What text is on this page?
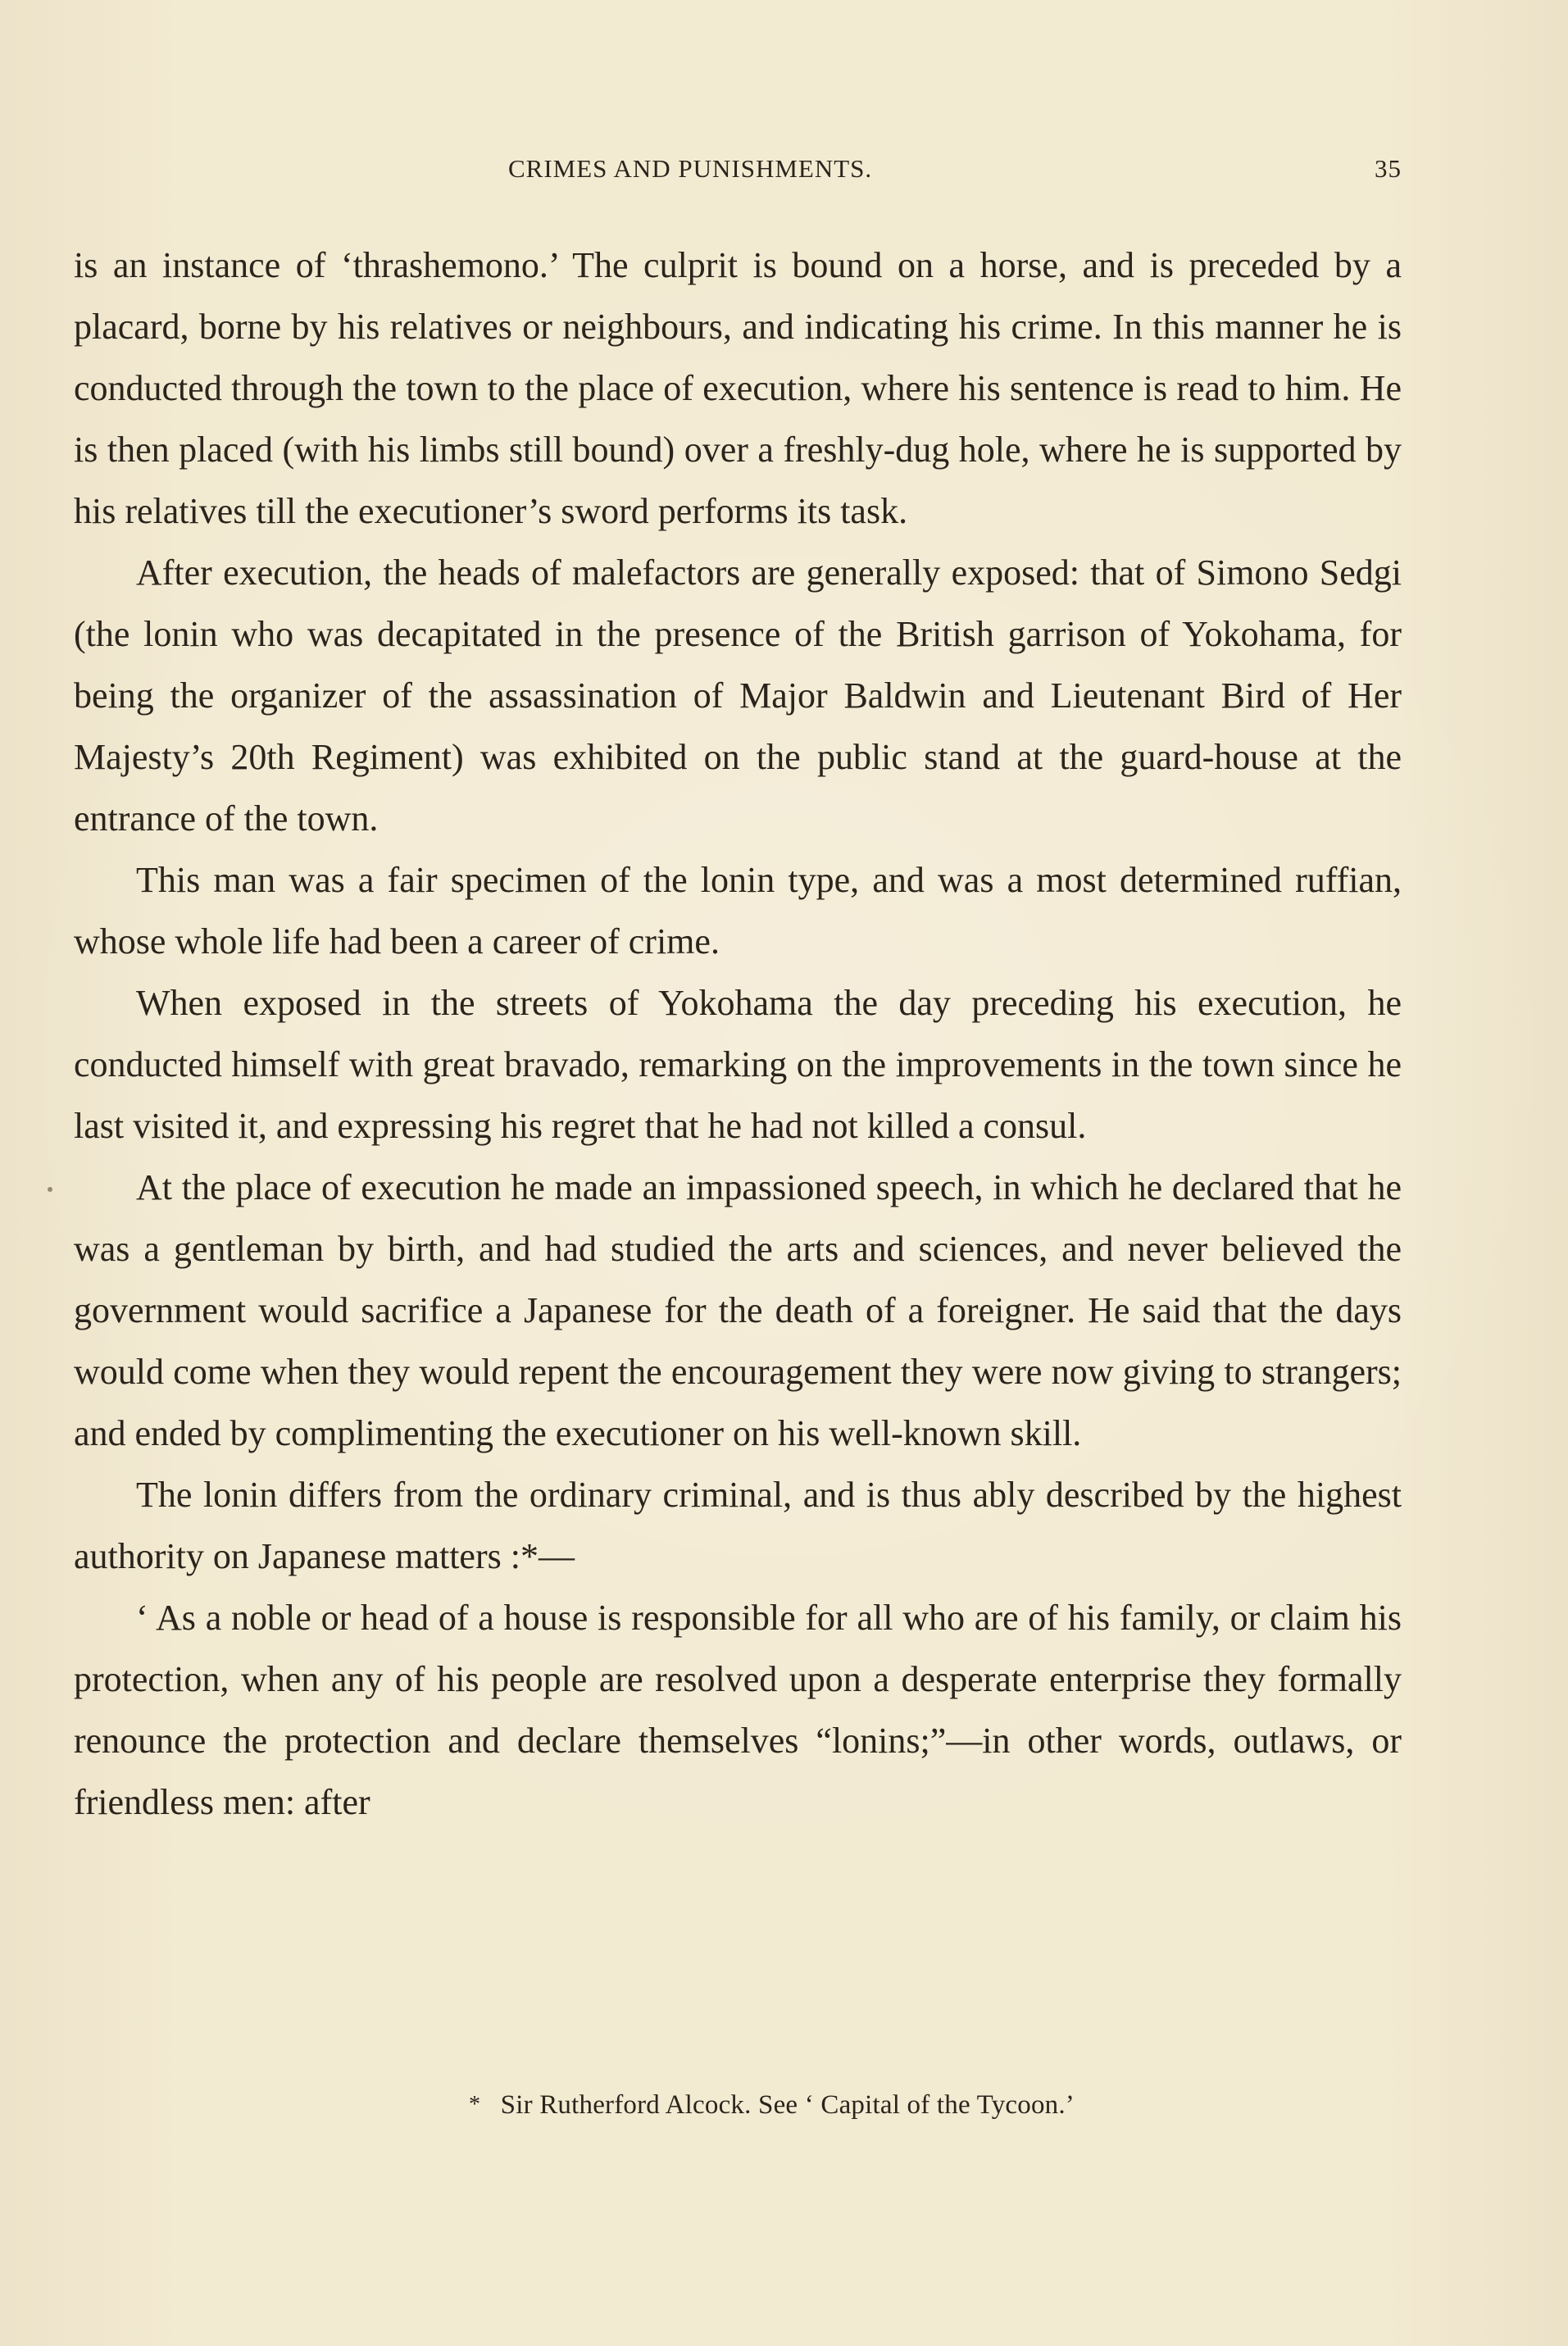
CRIMES AND PUNISHMENTS.	35

is an instance of ‘thrashemono.’ The culprit is bound on a horse, and is preceded by a placard, borne by his relatives or neighbours, and indicating his crime. In this manner he is conducted through the town to the place of execution, where his sentence is read to him. He is then placed (with his limbs still bound) over a freshly-dug hole, where he is supported by his relatives till the executioner’s sword performs its task.

After execution, the heads of malefactors are generally exposed: that of Simono Sedgi (the lonin who was decapitated in the presence of the British garrison of Yokohama, for being the organizer of the assassination of Major Baldwin and Lieutenant Bird of Her Majesty’s 20th Regiment) was exhibited on the public stand at the guard-house at the entrance of the town.

This man was a fair specimen of the lonin type, and was a most determined ruffian, whose whole life had been a career of crime.

When exposed in the streets of Yokohama the day preceding his execution, he conducted himself with great bravado, remarking on the improvements in the town since he last visited it, and expressing his regret that he had not killed a consul.

At the place of execution he made an impassioned speech, in which he declared that he was a gentleman by birth, and had studied the arts and sciences, and never believed the government would sacrifice a Japanese for the death of a foreigner. He said that the days would come when they would repent the encouragement they were now giving to strangers; and ended by complimenting the executioner on his well-known skill.

The lonin differs from the ordinary criminal, and is thus ably described by the highest authority on Japanese matters :*—

‘ As a noble or head of a house is responsible for all who are of his family, or claim his protection, when any of his people are resolved upon a desperate enterprise they formally renounce the protection and declare themselves “lonins;”—in other words, outlaws, or friendless men: after

* Sir Rutherford Alcock. See ‘ Capital of the Tycoon.’
